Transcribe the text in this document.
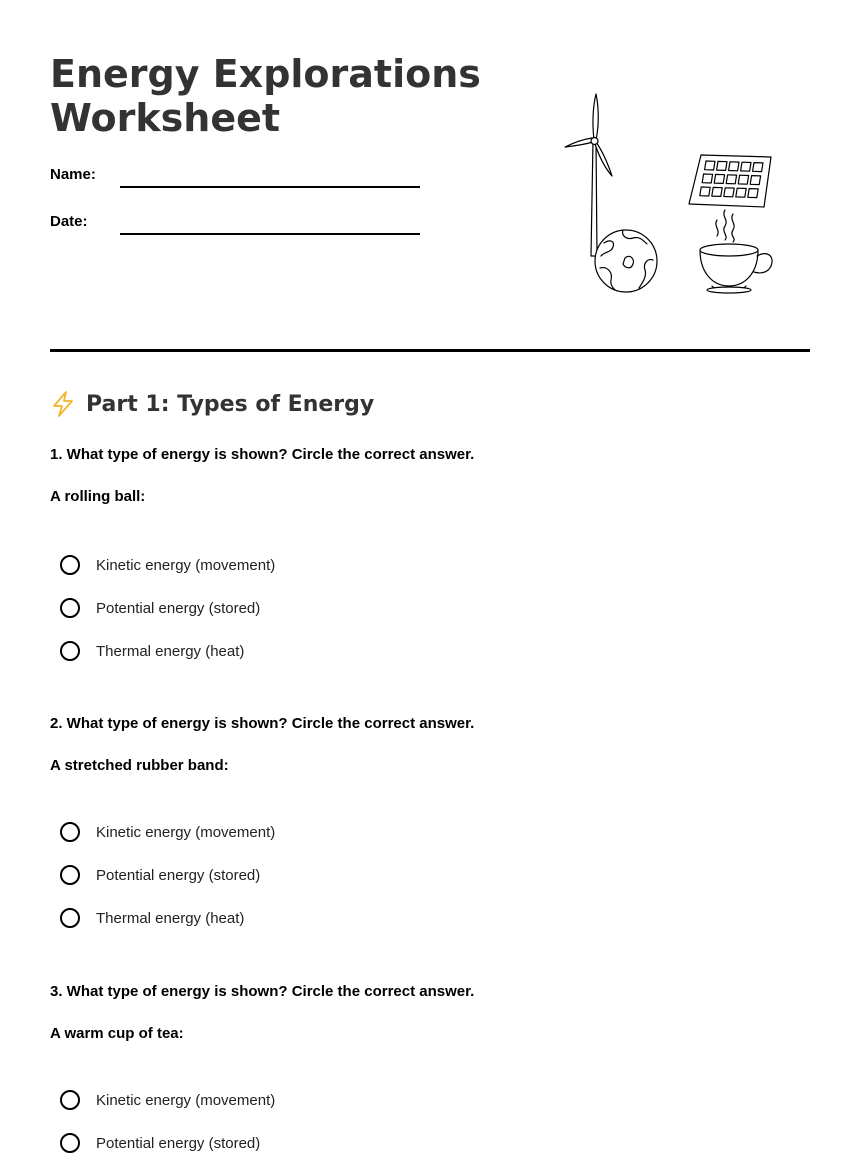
Energy Explorations Worksheet
Name:
Date:
Part 1: Types of Energy
1. What type of energy is shown? Circle the correct answer.
A rolling ball:
Kinetic energy (movement)
Potential energy (stored)
Thermal energy (heat)
2. What type of energy is shown? Circle the correct answer.
A stretched rubber band:
Kinetic energy (movement)
Potential energy (stored)
Thermal energy (heat)
3. What type of energy is shown? Circle the correct answer.
A warm cup of tea:
Kinetic energy (movement)
Potential energy (stored)
